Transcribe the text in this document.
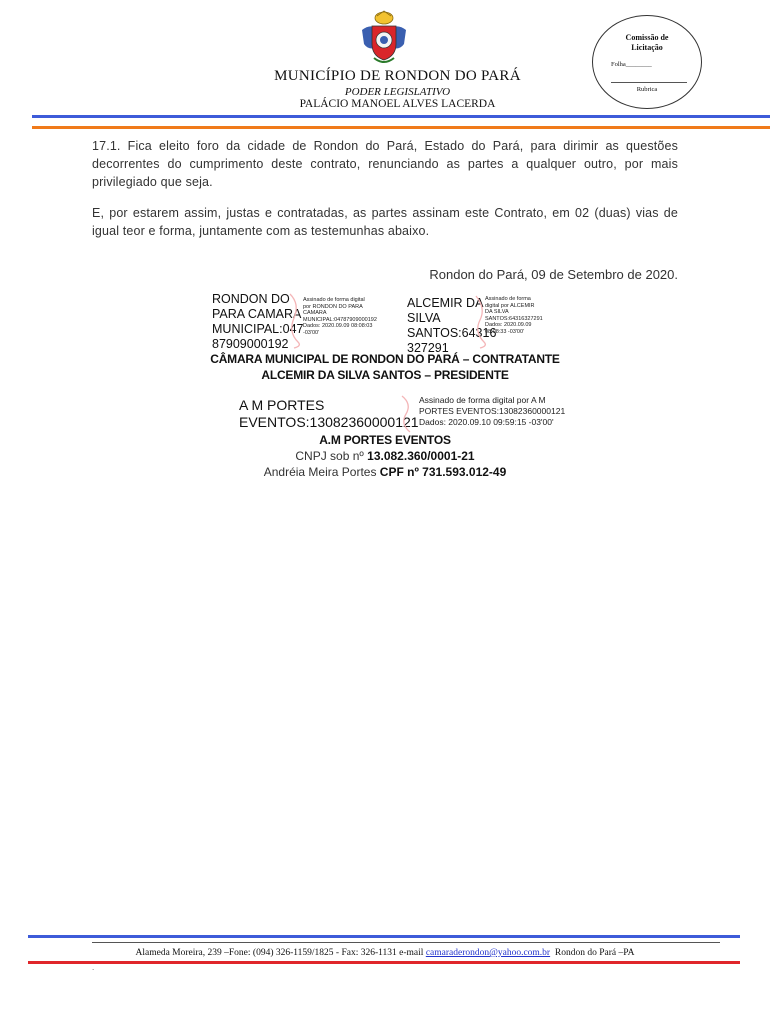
MUNICÍPIO DE RONDON DO PARÁ
PODER LEGISLATIVO
PALÁCIO MANOEL ALVES LACERDA
Comissão de
Licitação
Folha________
Rubrica
17.1. Fica eleito foro da cidade de Rondon do Pará, Estado do Pará, para dirimir as questões decorrentes do cumprimento deste contrato, renunciando as partes a qualquer outro, por mais privilegiado que seja.
E, por estarem assim, justas e contratadas, as partes assinam este Contrato, em 02 (duas) vias de igual teor e forma, juntamente com as testemunhas abaixo.
Rondon do Pará, 09 de Setembro de 2020.
RONDON DO
PARA CAMARA
MUNICIPAL:047
87909000192
Assinado de forma digital
por RONDON DO PARA
CAMARA
MUNICIPAL:04787909000192
Dados: 2020.09.09 08:08:03
-03'00'
ALCEMIR DA
SILVA
SANTOS:64316
327291
Assinado de forma
digital por ALCEMIR
DA SILVA
SANTOS:64316327291
Dados: 2020.09.09
08:08:33 -03'00'
CÂMARA MUNICIPAL DE RONDON DO PARÁ – CONTRATANTE
ALCEMIR DA SILVA SANTOS – PRESIDENTE
A M PORTES
EVENTOS:13082360000121
Assinado de forma digital por A M
PORTES EVENTOS:13082360000121
Dados: 2020.09.10 09:59:15 -03'00'
A.M PORTES EVENTOS
CNPJ sob nº 13.082.360/0001-21
Andréia Meira Portes CPF nº 731.593.012-49
Alameda Moreira, 239 –Fone: (094) 326-1159/1825 - Fax: 326-1131 e-mail camaraderondon@yahoo.com.br Rondon do Pará –PA
.
